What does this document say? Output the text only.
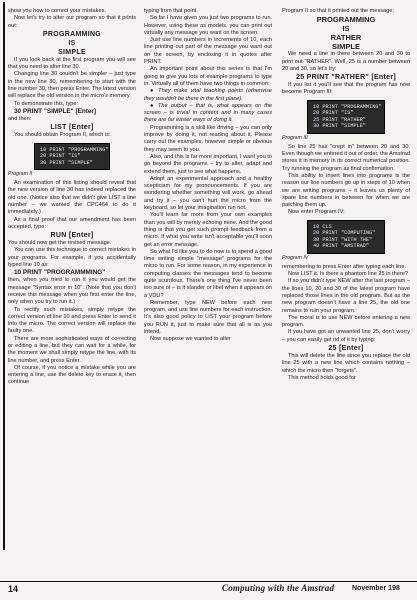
show you how to correct your mistakes.

Now let's try to alter our program so that it prints out:

PROGRAMMING
IS
SIMPLE

If you look back at the first program you will see that you need to alter line 30.

Changing line 30 couldn't be simpler – just type in the new line 30, remembering to start with the line number 30, then press Enter. The latest version will replace the old version in the micro's memory.

To demonstrate this, type:

30 PRINT "SIMPLE" [Enter]

and then:

LIST [Enter]

You should obtain Program II, which is:

10 PRINT "PROGRAMMING"
20 PRINT "IS"
30 PRINT "SIMPLE"
Program II

An examination of this listing should reveal that the new version of line 30 has indeed replaced the old one. (Notice also that we didn't give LIST a line number – we wanted the CPC464 to do it immediately.)

As a final proof that our amendment has been accepted, type:

RUN [Enter]

You should now get the revised message.

You can use this technique to correct mistakes in your programs. For example, if you accidentally typed line 10 as:

10 PRINT "PROGRAMMMING"

then, when you tried to run it you would get the message "Syntax error in 10". (Note that you don't receive this message when you first enter the line, only when you try to run it.)

To rectify such mistakes, simply retype the correct version of line 10 and press Enter to send it into the micro. The correct version will replace the faulty one.

There are more sophisticated ways of correcting or editing a line, but they can wait for a while, for the moment we shall simply retype the line, with its line number, and press Enter.

Of course, if you notice a mistake while you are entering a line, use the delete key to erase it, then continue

typing from that point.

So far I have given you just two programs to run. However, using these as models, you can print out virtually any message you want on the screen.

Just use line numbers in increments of 10, each line printing out part of the message you want out on the screen, by enclosing it in quotes after PRINT.

An important point about this series is that I'm going to give you lots of example programs to type in. Virtually all of them have two things in common:

● They make vital teaching points (otherwise they wouldn't be there in the first place).

● The output – that is, what appears on the screen – is trivial in content and in many cases there are far easier ways of doing it.

Programming is a skill like driving – you can only improve by doing it, not reading about it. Please carry out the examples, however simple or obvious they may seem to you.

Also, and this is far more important, I want you to go beyond the programs – try to alter, adapt and extend them, just to see what happens.

Adopt an experimental approach and a healthy scepticism for my pronouncements. If you are wondering whether something will work, go ahead and try it – you can't hurt the micro from the keyboard, so let your imagination run riot.

You'll learn far more from your own examples than you will by merely echoing mine. And the good thing is that you get such prompt feedback from a micro. If what you write isn't acceptable you'll soon get an error message.

So what I'd like you to do now is to spend a good time writing simple "message" programs for the micro to run. For some reason, in my experience in computing classes the messages tend to become quite scurrilous. There's one thing I've never been too sure of – is it slander or libel when it appears on a VDU?

Remember, type NEW before each new program, and use line numbers for each instruction. It's also good policy to LIST your program before you RUN it, just to make sure that all is as you intend.

Now suppose we wanted to alter

Program II so that it printed out the message:

PROGRAMMING
IS
RATHER
SIMPLE

We need a line in there between 20 and 30 to print out "RATHER". Well, 25 is a number between 20 and 30, so let's try:

25 PRINT "RATHER" [Enter]

If you list it you'll see that the program has now become Program III:

10 PRINT "PROGRAMMING"
20 PRINT "IS"
25 PRINT "RATHER"
30 PRINT "SIMPLE"
Program III

So line 25 has "crept in" between 20 and 30. Even though we entered it out of order, the Amstrad stores it in memory in its correct numerical position. Try running the program as final confirmation.

This ability to insert lines into programs is the reason our line numbers go up in steps of 10 when we are writing programs – it leaves us plenty of spare line numbers in between for when we are patching them up.

Now enter Program IV:

10 CLS
20 PRINT "COMPUTING"
30 PRINT "WITH THE"
40 PRINT "AMSTRAD"
Program IV

remembering to press Enter after typing each line.

Now LIST it. Is there a phantom line 25 in there?

If so you didn't type NEW after the last program – the lines 10, 20 and 30 of the latest program have replaced those lines in the old program. But as the new program doesn't have a line 25, the old one remains to ruin your program.

The moral is to use NEW before entering a new program.

If you have got an unwanted line 25, don't worry – you can easily get rid of it by typing:

25 [Enter]

This will delete the line since you replace the old line 25 with a new line which contains nothing – which the micro then "forgets".

This method holds good for

14	Computing with the Amstrad	November 198
